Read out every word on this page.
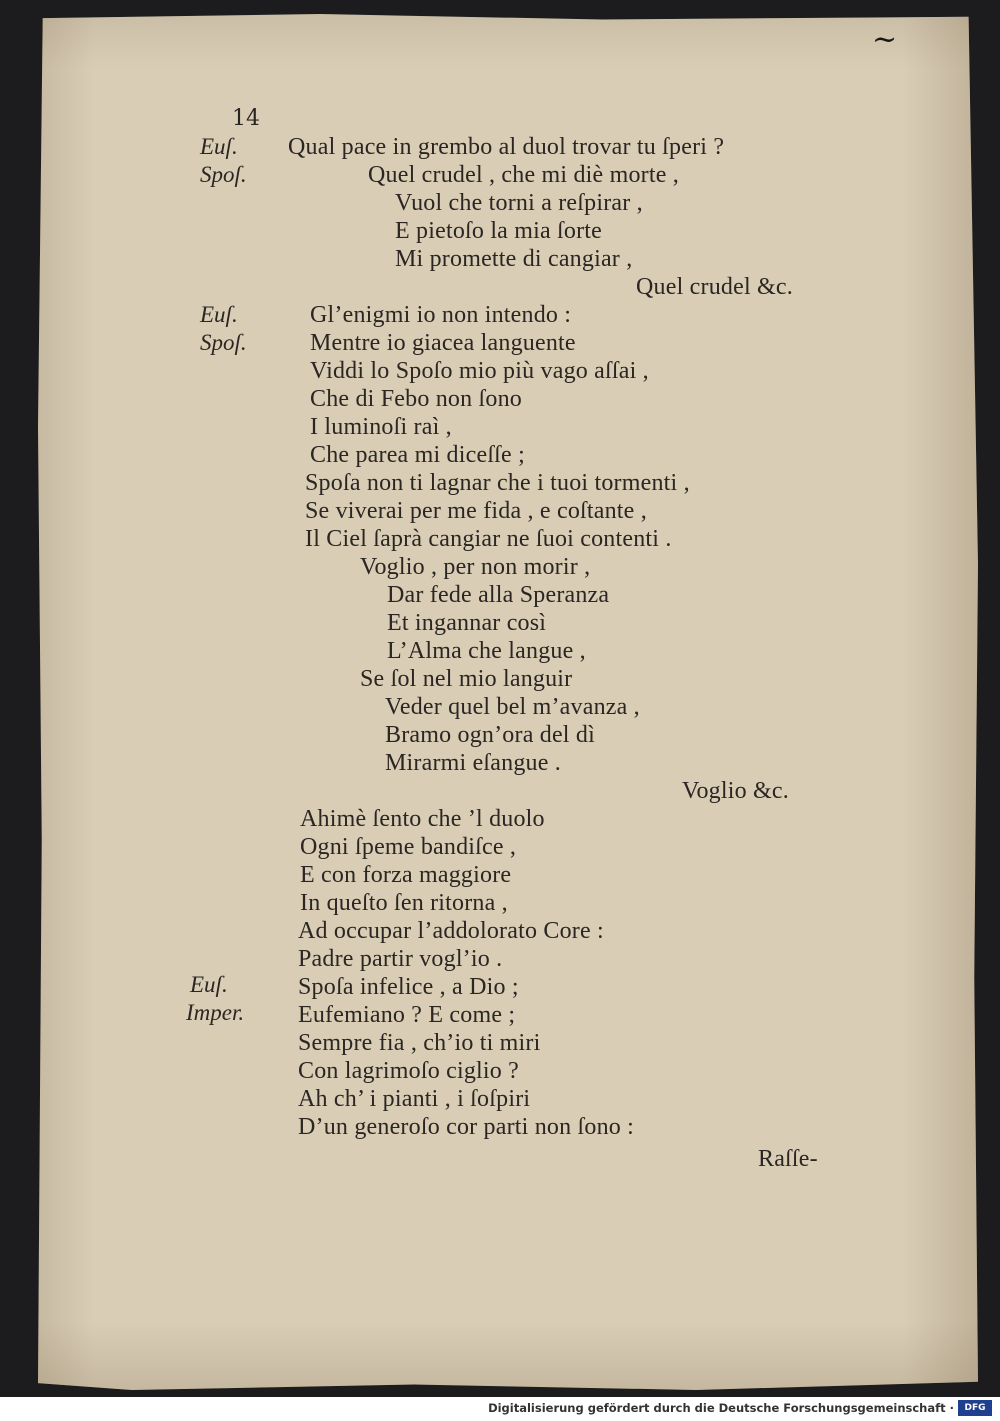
~
14
Euſ.
Spoſ.
Euſ.
Spoſ.
Euſ.
Imper.
Qual pace in grembo al duol trovar tu ſperi ?
Quel crudel , che mi diè morte ,
Vuol che torni a reſpirar ,
E pietoſo la mia ſorte
Mi promette di cangiar ,
Quel crudel &c.
Gl’enigmi io non intendo :
Mentre io giacea languente
Viddi lo Spoſo mio più vago aſſai ,
Che di Febo non ſono
I luminoſi raì ,
Che parea mi diceſſe ;
Spoſa non ti lagnar che i tuoi tormenti ,
Se viverai per me fida , e coſtante ,
Il Ciel ſaprà cangiar ne ſuoi contenti .
Voglio , per non morir ,
Dar fede alla Speranza
Et ingannar così
L’Alma che langue ,
Se ſol nel mio languir
Veder quel bel m’avanza ,
Bramo ogn’ora del dì
Mirarmi eſangue .
Voglio &c.
Ahimè ſento che ’l duolo
Ogni ſpeme bandiſce ,
E con forza maggiore
In queſto ſen ritorna ,
Ad occupar l’addolorato Core :
Padre partir vogl’io .
Spoſa infelice , a Dio ;
Eufemiano ? E come ;
Sempre fia , ch’io ti miri
Con lagrimoſo ciglio ?
Ah ch’ i pianti , i ſoſpiri
D’un generoſo cor parti non ſono :
Raſſe-
Digitalisierung gefördert durch die Deutsche Forschungsgemeinschaft ·	DFG
